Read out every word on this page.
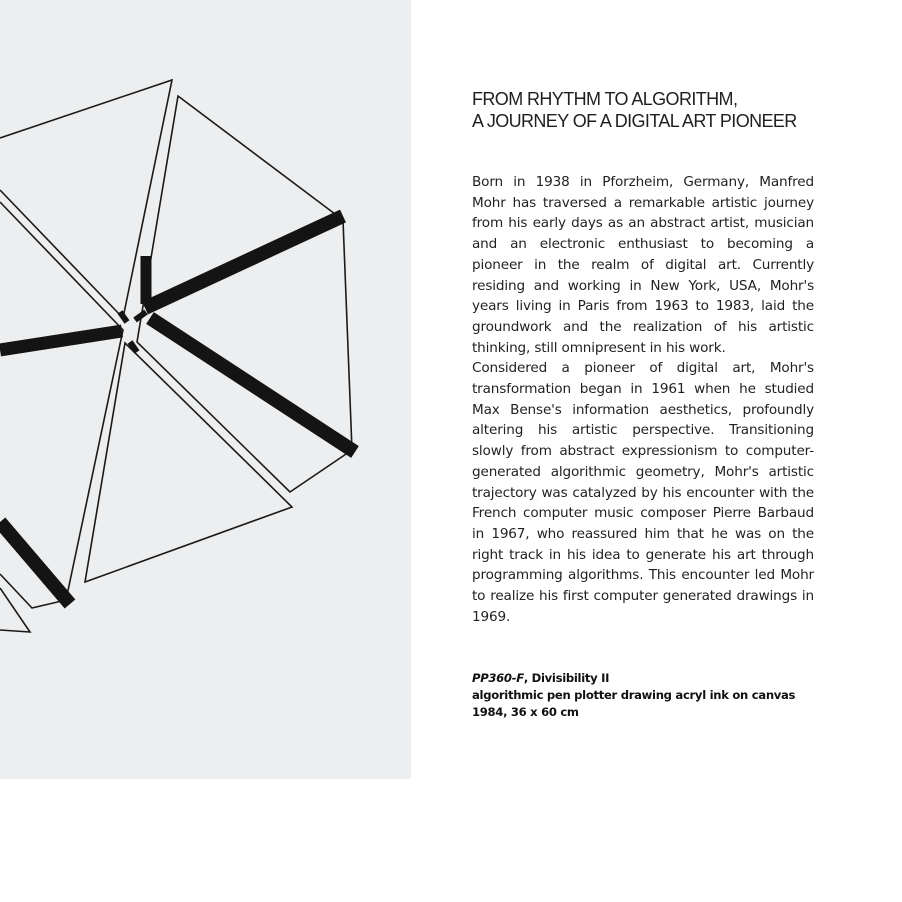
FROM RHYTHM TO ALGORITHM,
A JOURNEY OF A DIGITAL ART PIONEER

Born in 1938 in Pforzheim, Germany, Manfred Mohr has traversed a remarkable artistic journey from his early days as an abstract artist, musician and an electronic enthusiast to becoming a pioneer in the realm of digital art. Currently residing and working in New York, USA, Mohr's years living in Paris from 1963 to 1983, laid the groundwork and the realization of his artistic thinking, still omnipresent in his work.

Considered a pioneer of digital art, Mohr's transformation began in 1961 when he studied Max Bense's information aesthetics, profoundly altering his artistic perspective. Transitioning slowly from abstract expressionism to computer-generated algorithmic geometry, Mohr's artistic trajectory was catalyzed by his encounter with the French computer music composer Pierre Barbaud in 1967, who reassured him that he was on the right track in his idea to generate his art through programming algorithms. This encounter led Mohr to realize his first computer generated drawings in 1969.

PP360-F, Divisibility II
algorithmic pen plotter drawing acryl ink on canvas
1984, 36 x 60 cm
